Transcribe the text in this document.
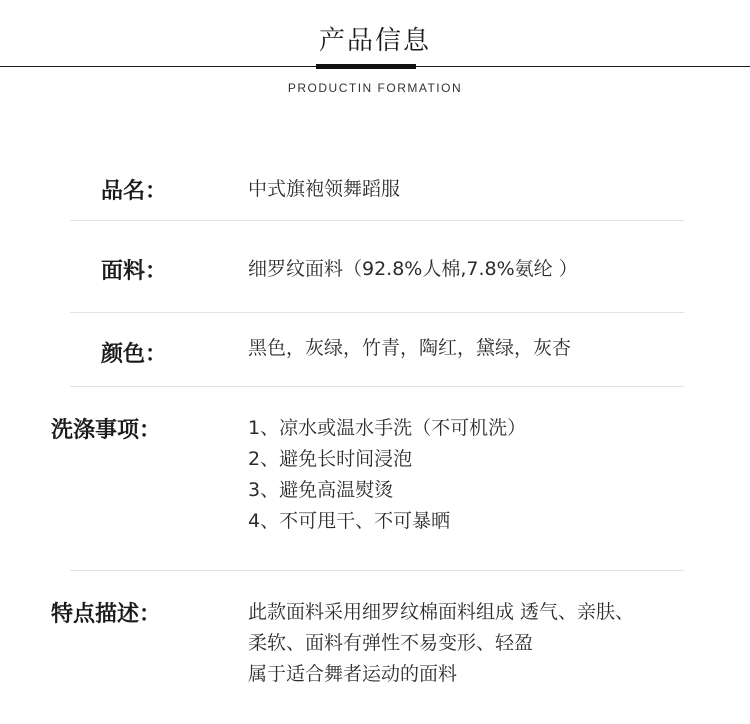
产品信息
PRODUCTIN FORMATION
品名：	中式旗袍领舞蹈服
面料：	细罗纹面料（92.8%人棉,7.8%氨纶 ）
颜色：	黑色，灰绿，竹青，陶红，黛绿，灰杏
洗涤事项：	1、凉水或温水手洗（不可机洗）
2、避免长时间浸泡
3、避免高温熨烫
4、不可甩干、不可暴晒
特点描述：	此款面料采用细罗纹棉面料组成 透气、亲肤、
柔软、面料有弹性不易变形、轻盈
属于适合舞者运动的面料
